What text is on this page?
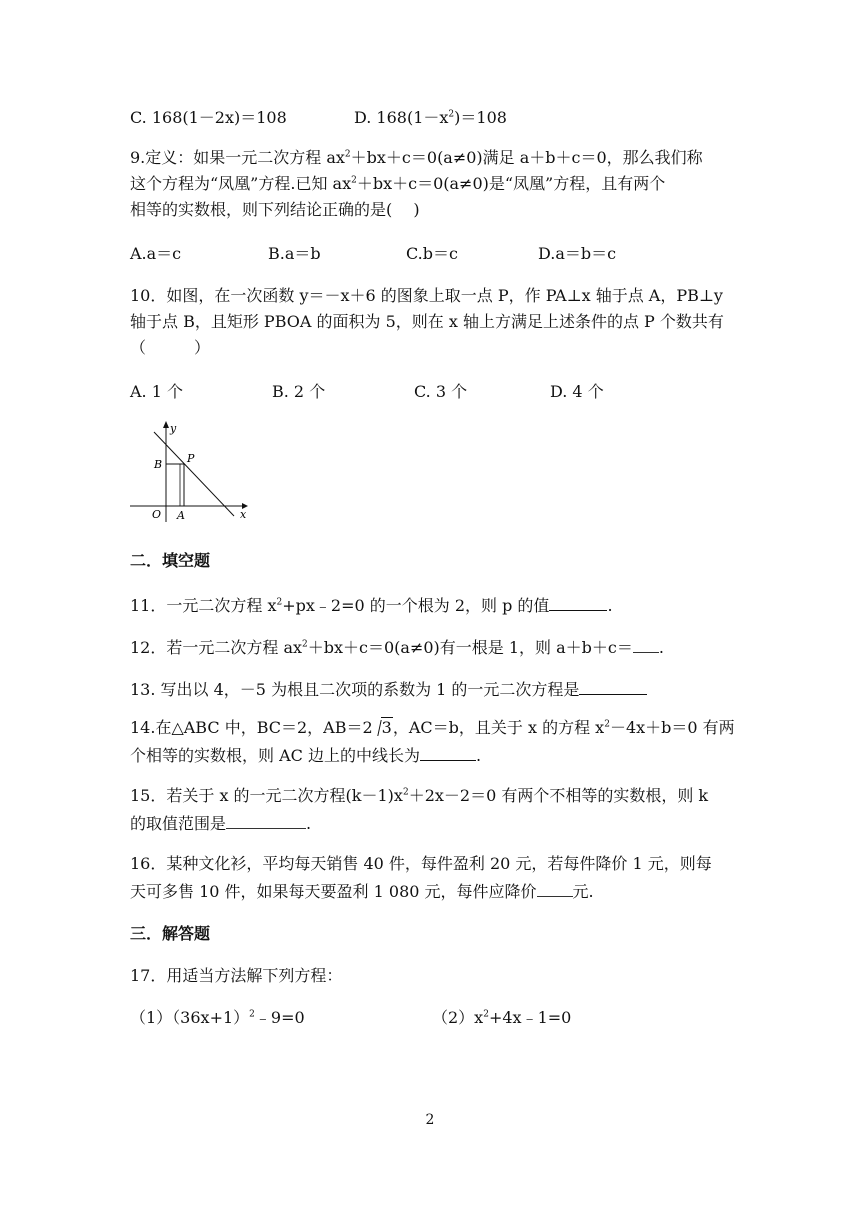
C. 168(1－2x)＝108	D. $168(1-x^2)=108$
9.定义：如果一元二次方程 $ax^2+bx+c=0(a\ne 0)$满足 a＋b＋c＝0，那么我们称
这个方程为“凤凰”方程.已知 $ax^2+bx+c=0(a\ne 0)$是“凤凰”方程，且有两个
相等的实数根，则下列结论正确的是(　 )
A.a＝c	B.a＝b	C.b＝c	D.a＝b＝c
10．如图，在一次函数 y＝－x＋6 的图象上取一点 P，作 PA⊥x 轴于点 A，PB⊥y
轴于点 B，且矩形 PBOA 的面积为 5，则在 x 轴上方满足上述条件的点 P 个数共有
（　　　）
A. 1 个	B. 2 个	C. 3 个	D. 4 个
y
x
O A
B P
二．填空题
11．一元二次方程 $x^2+px﹣2=0$ 的一个根为 2，则 p 的值	.
12．若一元二次方程 $ax^2+bx+c=0(a\ne 0)$有一根是 1，则 a＋b＋c＝ .
13. 写出以 4，－5 为根且二次项的系数为 1 的一元二次方程是
14.在△ABC 中，BC＝2，AB＝2 3，AC＝b，且关于 x 的方程 $x^2-4x+b=0$ 有两
个相等的实数根，则 AC 边上的中线长为	.
15．若关于 x 的一元二次方程$(k-1)x^2+2x-2=0$ 有两个不相等的实数根，则 k
的取值范围是	.
16．某种文化衫，平均每天销售 40 件，每件盈利 20 元，若每件降价 1 元，则每
天可多售 10 件，如果每天要盈利 1 080 元，每件应降价 元.
三．解答题
17．用适当方法解下列方程：
$(1)(36x+1)^2﹣9=0$	$(2)x^2+4x﹣1=0$
2
